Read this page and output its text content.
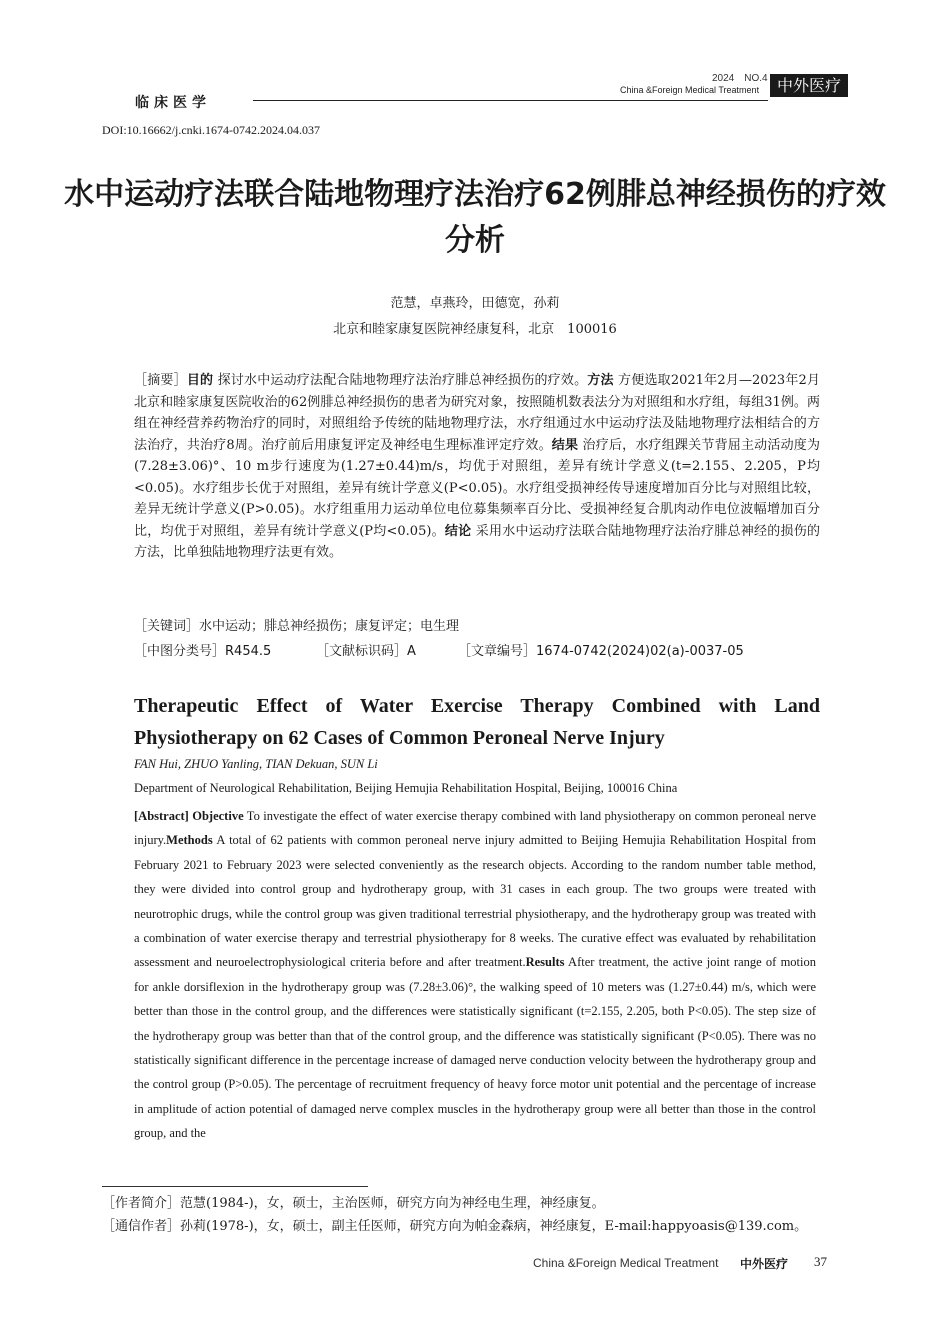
临床医学
2024　NO.4
China &Foreign Medical Treatment	中外医疗
DOI:10.16662/j.cnki.1674-0742.2024.04.037
水中运动疗法联合陆地物理疗法治疗62例腓总神经损伤的疗效分析
范慧，卓燕玲，田德宽，孙莉
北京和睦家康复医院神经康复科，北京　100016
［摘要］目的 探讨水中运动疗法配合陆地物理疗法治疗腓总神经损伤的疗效。方法 方便选取2021年2月—2023年2月北京和睦家康复医院收治的62例腓总神经损伤的患者为研究对象，按照随机数表法分为对照组和水疗组，每组31例。两组在神经营养药物治疗的同时，对照组给予传统的陆地物理疗法，水疗组通过水中运动疗法及陆地物理疗法相结合的方法治疗，共治疗8周。治疗前后用康复评定及神经电生理标准评定疗效。结果 治疗后，水疗组踝关节背屈主动活动度为(7.28±3.06)°、10 m步行速度为(1.27±0.44)m/s，均优于对照组，差异有统计学意义(t=2.155、2.205，P均<0.05)。水疗组步长优于对照组，差异有统计学意义(P<0.05)。水疗组受损神经传导速度增加百分比与对照组比较，差异无统计学意义(P>0.05)。水疗组重用力运动单位电位募集频率百分比、受损神经复合肌肉动作电位波幅增加百分比，均优于对照组，差异有统计学意义(P均<0.05)。结论 采用水中运动疗法联合陆地物理疗法治疗腓总神经的损伤的方法，比单独陆地物理疗法更有效。
［关键词］水中运动；腓总神经损伤；康复评定；电生理
［中图分类号］R454.5	［文献标识码］A	［文章编号］1674-0742(2024)02(a)-0037-05
Therapeutic Effect of Water Exercise Therapy Combined with Land Physiotherapy on 62 Cases of Common Peroneal Nerve Injury
FAN Hui, ZHUO Yanling, TIAN Dekuan, SUN Li
Department of Neurological Rehabilitation, Beijing Hemujia Rehabilitation Hospital, Beijing, 100016 China
[Abstract] Objective To investigate the effect of water exercise therapy combined with land physiotherapy on common peroneal nerve injury.Methods A total of 62 patients with common peroneal nerve injury admitted to Beijing Hemujia Rehabilitation Hospital from February 2021 to February 2023 were selected conveniently as the research objects. According to the random number table method, they were divided into control group and hydrotherapy group, with 31 cases in each group. The two groups were treated with neurotrophic drugs, while the control group was given traditional terrestrial physiotherapy, and the hydrotherapy group was treated with a combination of water exercise therapy and terrestrial physiotherapy for 8 weeks. The curative effect was evaluated by rehabilitation assessment and neuroelectrophysiological criteria before and after treatment.Results After treatment, the active joint range of motion for ankle dorsiflexion in the hydrotherapy group was (7.28±3.06)°, the walking speed of 10 meters was (1.27±0.44) m/s, which were better than those in the control group, and the differences were statistically significant (t=2.155, 2.205, both P<0.05). The step size of the hydrotherapy group was better than that of the control group, and the difference was statistically significant (P<0.05). There was no statistically significant difference in the percentage increase of damaged nerve conduction velocity between the hydrotherapy group and the control group (P>0.05). The percentage of recruitment frequency of heavy force motor unit potential and the percentage of increase in amplitude of action potential of damaged nerve complex muscles in the hydrotherapy group were all better than those in the control group, and the
［作者简介］范慧(1984-)，女，硕士，主治医师，研究方向为神经电生理，神经康复。
［通信作者］孙莉(1978-)，女，硕士，副主任医师，研究方向为帕金森病，神经康复，E-mail:happyoasis@139.com。
China &Foreign Medical Treatment 中外医疗 37
